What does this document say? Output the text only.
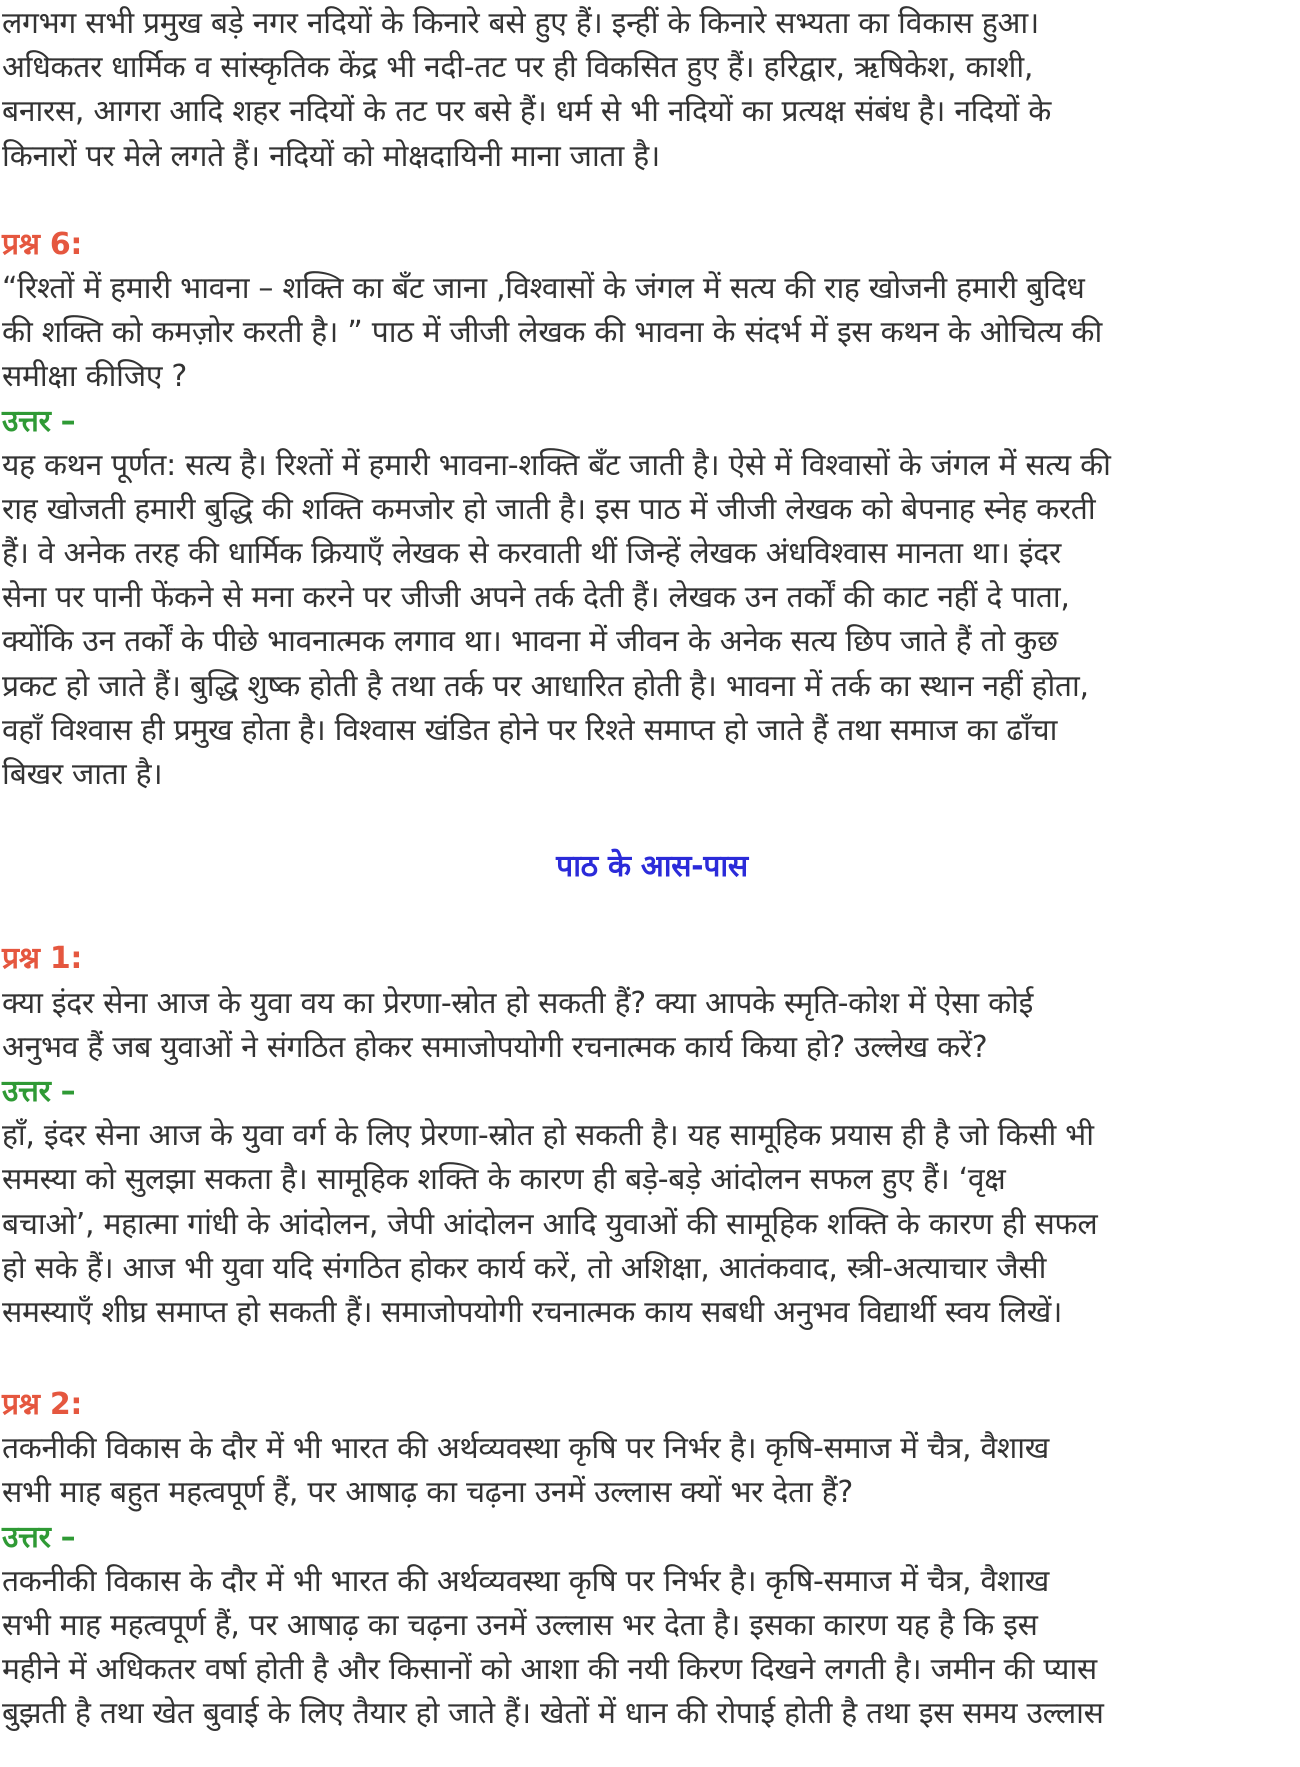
लगभग सभी प्रमुख बड़े नगर नदियों के किनारे बसे हुए हैं। इन्हीं के किनारे सभ्यता का विकास हुआ।
अधिकतर धार्मिक व सांस्कृतिक केंद्र भी नदी-तट पर ही विकसित हुए हैं। हरिद्वार, ऋषिकेश, काशी,
बनारस, आगरा आदि शहर नदियों के तट पर बसे हैं। धर्म से भी नदियों का प्रत्यक्ष संबंध है। नदियों के
किनारों पर मेले लगते हैं। नदियों को मोक्षदायिनी माना जाता है।
प्रश्न 6:
“रिश्तों में हमारी भावना – शक्ति का बँट जाना ,विश्वासों के जंगल में सत्य की राह खोजनी हमारी बुदिध
की शक्ति को कमज़ोर करती है। ” पाठ में जीजी लेखक की भावना के संदर्भ में इस कथन के ओचित्य की
समीक्षा कीजिए ?
उत्तर –
यह कथन पूर्णत: सत्य है। रिश्तों में हमारी भावना-शक्ति बँट जाती है। ऐसे में विश्वासों के जंगल में सत्य की
राह खोजती हमारी बुद्धि की शक्ति कमजोर हो जाती है। इस पाठ में जीजी लेखक को बेपनाह स्नेह करती
हैं। वे अनेक तरह की धार्मिक क्रियाएँ लेखक से करवाती थीं जिन्हें लेखक अंधविश्वास मानता था। इंदर
सेना पर पानी फेंकने से मना करने पर जीजी अपने तर्क देती हैं। लेखक उन तर्कों की काट नहीं दे पाता,
क्योंकि उन तर्कों के पीछे भावनात्मक लगाव था। भावना में जीवन के अनेक सत्य छिप जाते हैं तो कुछ
प्रकट हो जाते हैं। बुद्धि शुष्क होती है तथा तर्क पर आधारित होती है। भावना में तर्क का स्थान नहीं होता,
वहाँ विश्वास ही प्रमुख होता है। विश्वास खंडित होने पर रिश्ते समाप्त हो जाते हैं तथा समाज का ढाँचा
बिखर जाता है।
पाठ के आस-पास
प्रश्न 1:
क्या इंदर सेना आज के युवा वय का प्रेरणा-स्रोत हो सकती हैं? क्या आपके स्मृति-कोश में ऐसा कोई
अनुभव हैं जब युवाओं ने संगठित होकर समाजोपयोगी रचनात्मक कार्य किया हो? उल्लेख करें?
उत्तर –
हाँ, इंदर सेना आज के युवा वर्ग के लिए प्रेरणा-स्रोत हो सकती है। यह सामूहिक प्रयास ही है जो किसी भी
समस्या को सुलझा सकता है। सामूहिक शक्ति के कारण ही बड़े-बड़े आंदोलन सफल हुए हैं। ‘वृक्ष
बचाओ’, महात्मा गांधी के आंदोलन, जेपी आंदोलन आदि युवाओं की सामूहिक शक्ति के कारण ही सफल
हो सके हैं। आज भी युवा यदि संगठित होकर कार्य करें, तो अशिक्षा, आतंकवाद, स्त्री-अत्याचार जैसी
समस्याएँ शीघ्र समाप्त हो सकती हैं। समाजोपयोगी रचनात्मक काय सबधी अनुभव विद्यार्थी स्वय लिखें।
प्रश्न 2:
तकनीकी विकास के दौर में भी भारत की अर्थव्यवस्था कृषि पर निर्भर है। कृषि-समाज में चैत्र, वैशाख
सभी माह बहुत महत्वपूर्ण हैं, पर आषाढ़ का चढ़ना उनमें उल्लास क्यों भर देता हैं?
उत्तर –
तकनीकी विकास के दौर में भी भारत की अर्थव्यवस्था कृषि पर निर्भर है। कृषि-समाज में चैत्र, वैशाख
सभी माह महत्वपूर्ण हैं, पर आषाढ़ का चढ़ना उनमें उल्लास भर देता है। इसका कारण यह है कि इस
महीने में अधिकतर वर्षा होती है और किसानों को आशा की नयी किरण दिखने लगती है। जमीन की प्यास
बुझती है तथा खेत बुवाई के लिए तैयार हो जाते हैं। खेतों में धान की रोपाई होती है तथा इस समय उल्लास
